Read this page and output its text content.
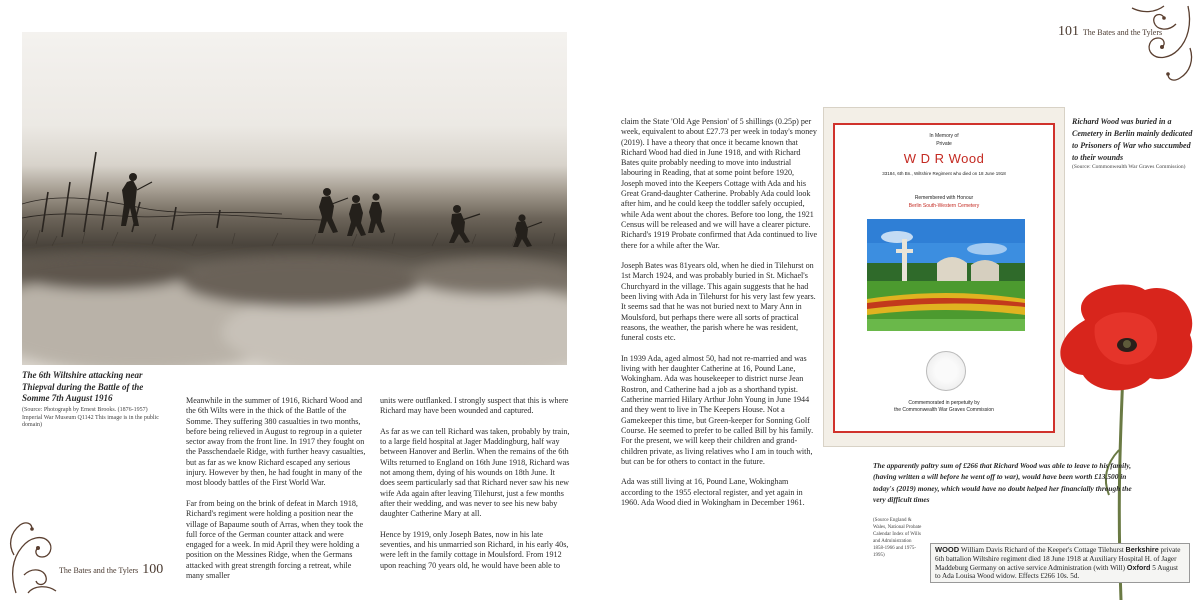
The 6th Wiltshire attacking near Thiepval during the Battle of the Somme 7th August 1916
(Source: Photograph by Ernest Brooks. (1876-1957) Imperial War Museum Q1142 This image is in the public domain)

Meanwhile in the summer of 1916, Richard Wood and the 6th Wilts were in the thick of the Battle of the Somme. They suffering 380 casualties in two months, before being relieved in August to regroup in a quieter sector away from the front line. In 1917 they fought on the Passchendaele Ridge, with further heavy casualties, but as far as we know Richard escaped any serious injury. However by then, he had fought in many of the most bloody battles of the First World War.

Far from being on the brink of defeat in March 1918, Richard's regiment were holding a position near the village of Bapaume south of Arras, when they took the full force of the German counter attack and were engaged for a week. In mid April they were holding a position on the Messines Ridge, when the Germans attacked with great strength forcing a retreat, while many smaller

units were outflanked. I strongly suspect that this is where Richard may have been wounded and captured.

As far as we can tell Richard was taken, probably by train, to a large field hospital at Jager Maddingburg, half way between Hanover and Berlin. When the remains of the 6th Wilts returned to England on 16th June 1918, Richard was not among them, dying of his wounds on 18th June. It does seem particularly sad that Richard never saw his new wife Ada again after leaving Tilehurst, just a few months after their wedding, and was never to see his new baby daughter Catherine Mary at all.

Hence by 1919, only Joseph Bates, now in his late seventies, and his unmarried son Richard, in his early 40s, were left in the family cottage in Moulsford. From 1912 upon reaching 70 years old, he would have been able to

The Bates and the Tylers 100
101 The Bates and the Tylers

claim the State 'Old Age Pension' of 5 shillings (0.25p) per week, equivalent to about £27.73 per week in today's money (2019). I have a theory that once it became known that Richard Wood had died in June 1918, and with Richard Bates quite probably needing to move into industrial labouring in Reading, that at some point before 1920, Joseph moved into the Keepers Cottage with Ada and his Great Grand-daughter Catherine. Probably Ada could look after him, and he could keep the toddler safely occupied, while Ada went about the chores. Before too long, the 1921 Census will be released and we will have a clearer picture. Richard's 1919 Probate confirmed that Ada continued to live there for a while after the War.

Joseph Bates was 81years old, when he died in Tilehurst on 1st March 1924, and was probably buried in St. Michael's Churchyard in the village. This again suggests that he had been living with Ada in Tilehurst for his very last few years. It seems sad that he was not buried next to Mary Ann in Moulsford, but perhaps there were all sorts of practical reasons, the weather, the parish where he was resident, funeral costs etc.

In 1939 Ada, aged almost 50, had not re-married and was living with her daughter Catherine at 16, Pound Lane, Wokingham. Ada was housekeeper to district nurse Jean Rostron, and Catherine had a job as a shorthand typist. Catherine married Hilary Arthur John Young in June 1944 and they went to live in The Keepers House. Not a Gamekeeper this time, but Green-keeper for Sonning Golf Course. He seemed to prefer to be called Bill by his family. For the present, we will keep their children and grand-children private, as living relatives who I am in touch with, but can be for others to contact in the future.

Ada was still living at 16, Pound Lane, Wokingham according to the 1955 electoral register, and yet again in 1960. Ada Wood died in Wokingham in December 1961.

In Memory of
Private
W D R Wood
33184, 6th Bn., Wiltshire Regiment who died on 18 June 1918
Remembered with Honour
Berlin South-Western Cemetery
Commemorated in perpetuity by
the Commonwealth War Graves Commission
Richard Wood was buried in a Cemetery in Berlin mainly dedicated to Prisoners of War who succumbed to their wounds
(Source: Commonwealth War Graves Commission)
The apparently paltry sum of £266 that Richard Wood was able to leave to his family, (having written a will before he went off to war), would have been worth £13,500 in today's (2019) money, which would have no doubt helped her financially through the very difficult times
(Source England & Wales, National Probate Calendar Index of Wills and Administration 1858-1966 and 1975-1995)
WOOD William Davis Richard of the Keeper's Cottage Tilehurst Berkshire private 6th battalion Wiltshire regiment died 18 June 1918 at Auxiliary Hospital H. of Jager Maddeburg Germany on active service Administration (with Will) Oxford 5 August to Ada Louisa Wood widow. Effects £266 10s. 5d.
